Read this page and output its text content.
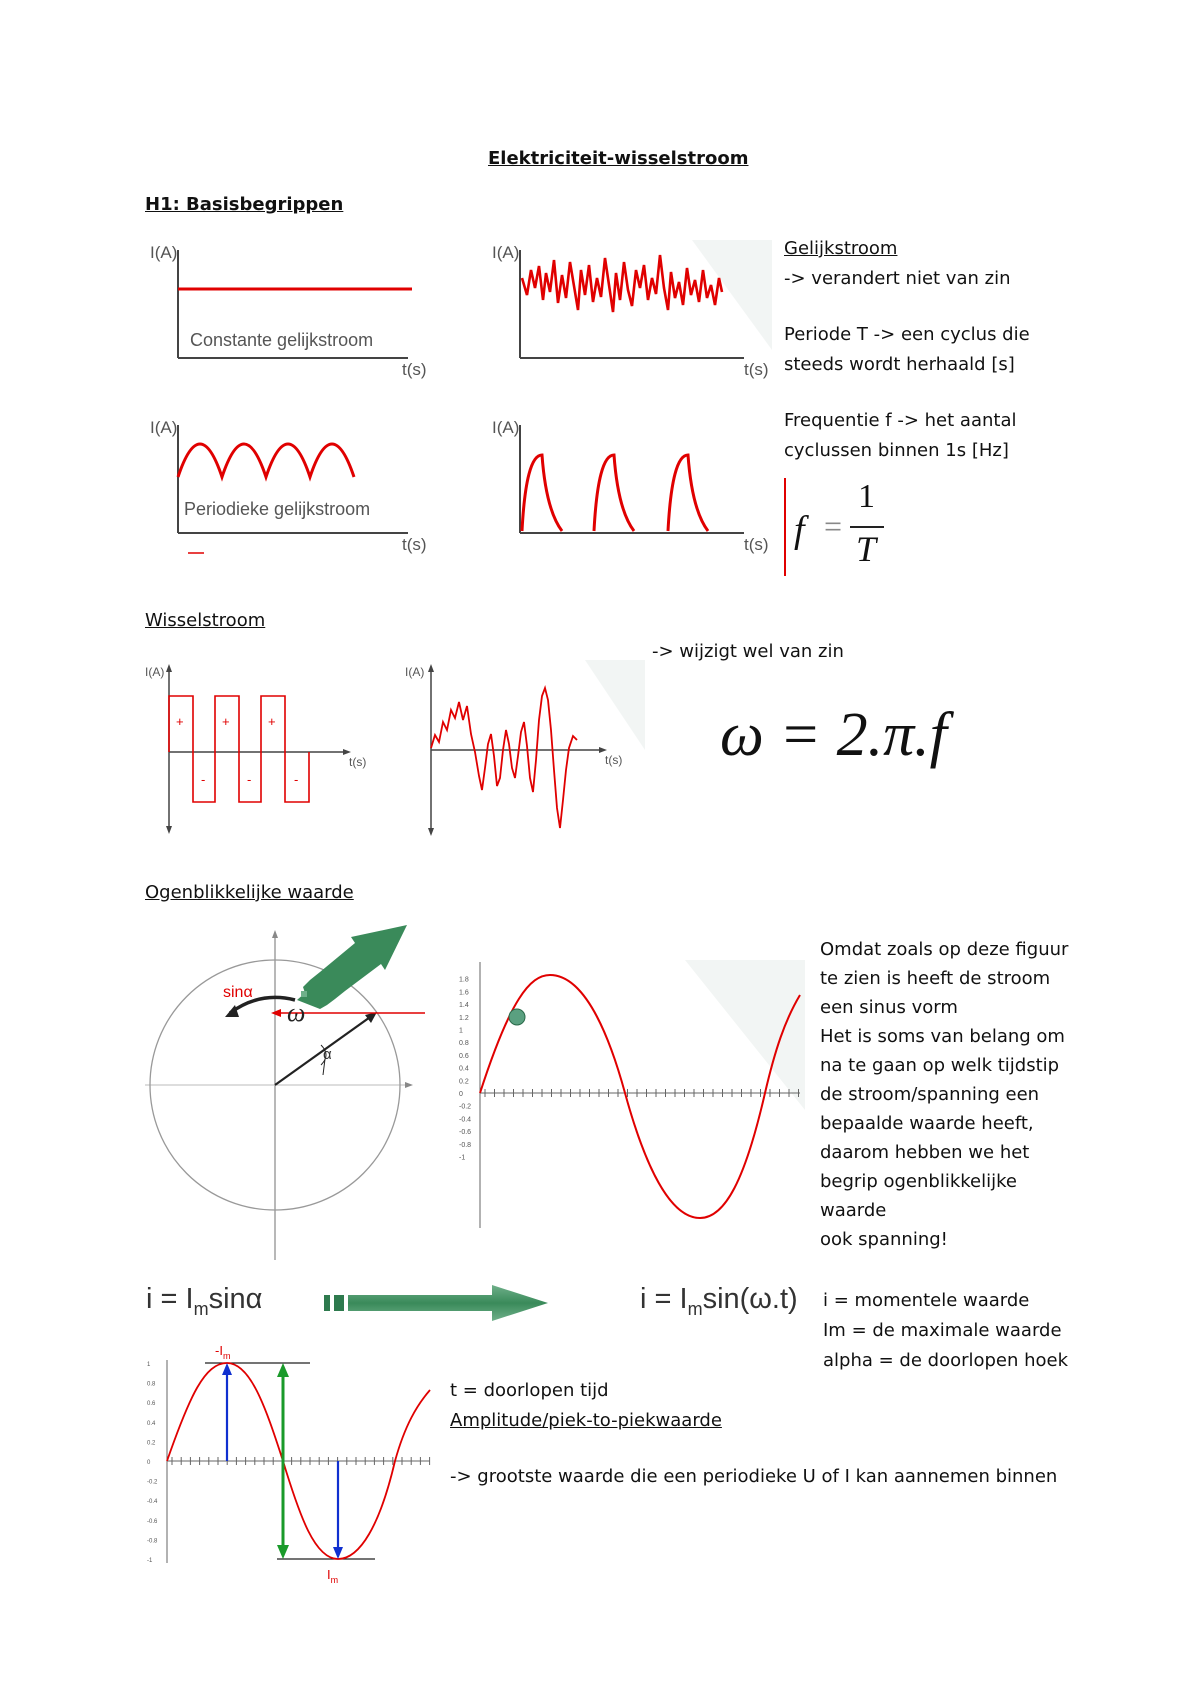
Elektriciteit-wisselstroom
H1: Basisbegrippen
I(A)
t(s)
Constante gelijkstroom
I(A)
t(s)
I(A)
t(s)
Periodieke gelijkstroom
I(A)
t(s)
Gelijkstroom
-> verandert niet van zin
Periode T -> een cyclus die
steeds wordt herhaald [s]
Frequentie f -> het aantal
cyclussen binnen 1s [Hz]
f =
1
T
Wisselstroom
-> wijzigt wel van zin
ω = 2.π.f
I(A)
t(s)
+	+	+
-	-	-
I(A)
t(s)
Ogenblikkelijke waarde
sinα
ω
α
1.8
1.6
1.4
1.2
1
0.8
0.6
0.4
0.2
0
-0.2
-0.4
-0.6
-0.8
-1
Omdat zoals op deze figuur
te zien is heeft de stroom
een sinus vorm
Het is soms van belang om
na te gaan op welk tijdstip
de stroom/spanning een
bepaalde waarde heeft,
daarom hebben we het
begrip ogenblikkelijke
waarde
ook spanning!
$i = I_m\sin\alpha$	$i = I_m\sin(\omega.t) i$ = momentele waarde
Im = de maximale waarde
alpha = de doorlopen hoek
1
0.8
0.6
0.4
0.2
0
-0.2
-0.4
-0.6
-0.8
-1
$-I_m$
$I_m$
t = doorlopen tijd
Amplitude/piek-to-piekwaarde
-> grootste waarde die een periodieke U of I kan aannemen binnen
